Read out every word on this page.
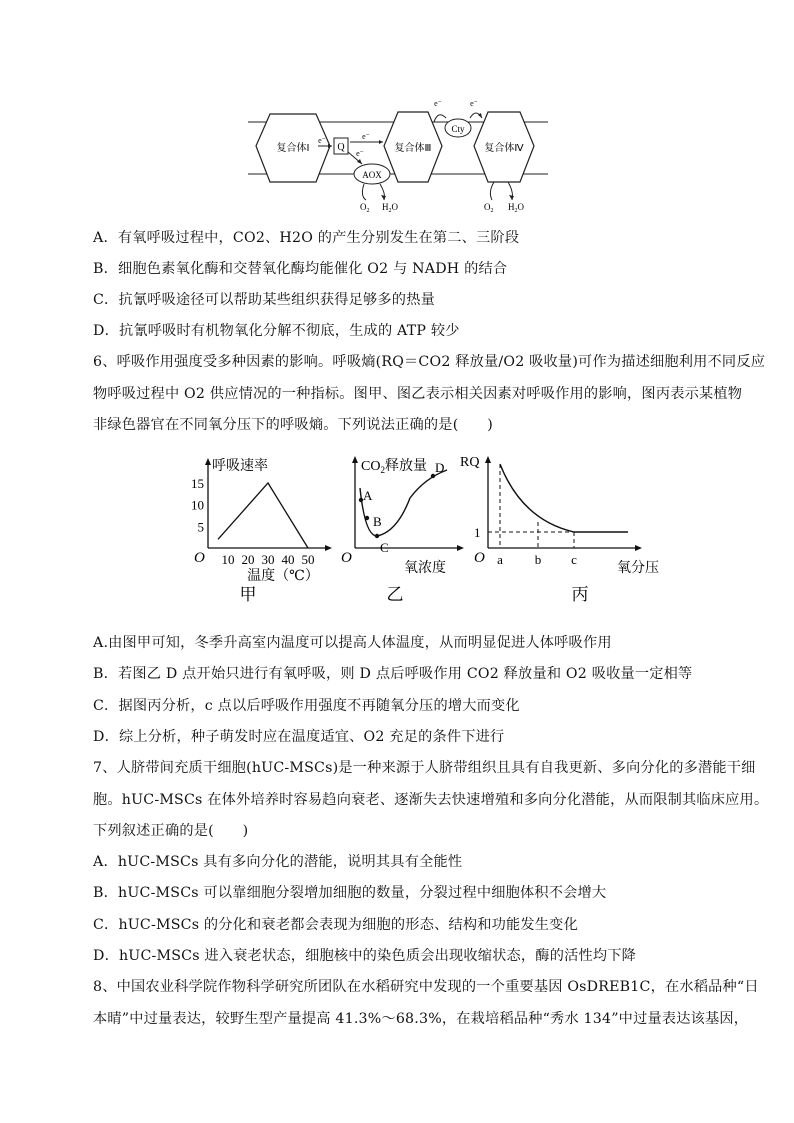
复合体Ⅰ	Q	复合体Ⅲ
Cty
复合体Ⅳ
AOX
e⁻	e⁻
e⁻
e⁻	e⁻
$O_2$ $H_2O$	$O_2$ $H_2O$
A．有氧呼吸过程中，CO2、H2O 的产生分别发生在第二、三阶段
B．细胞色素氧化酶和交替氧化酶均能催化 O2 与 NADH 的结合
C．抗氰呼吸途径可以帮助某些组织获得足够多的热量
D．抗氰呼吸时有机物氧化分解不彻底，生成的 ATP 较少
6、呼吸作用强度受多种因素的影响。呼吸熵(RQ＝CO2 释放量/O2 吸收量)可作为描述细胞利用不同反应
物呼吸过程中 O2 供应情况的一种指标。图甲、图乙表示相关因素对呼吸作用的影响，图丙表示某植物
非绿色器官在不同氧分压下的呼吸熵。下列说法正确的是(　　)
O
呼吸速率
10 20 30 40 50
5
10
15
温度（℃）
甲
O
$CO_2$释放量
氧浓度
乙
A
B
C
D
O
RQ
氧分压
丙
1
a b c
A.由图甲可知，冬季升高室内温度可以提高人体温度，从而明显促进人体呼吸作用
B．若图乙 D 点开始只进行有氧呼吸，则 D 点后呼吸作用 CO2 释放量和 O2 吸收量一定相等
C．据图丙分析，c 点以后呼吸作用强度不再随氧分压的增大而变化
D．综上分析，种子萌发时应在温度适宜、O2 充足的条件下进行
7、人脐带间充质干细胞(hUC-MSCs)是一种来源于人脐带组织且具有自我更新、多向分化的多潜能干细
胞。hUC-MSCs 在体外培养时容易趋向衰老、逐渐失去快速增殖和多向分化潜能，从而限制其临床应用。
下列叙述正确的是(　　)
A．hUC-MSCs 具有多向分化的潜能，说明其具有全能性
B．hUC-MSCs 可以靠细胞分裂增加细胞的数量，分裂过程中细胞体积不会增大
C．hUC-MSCs 的分化和衰老都会表现为细胞的形态、结构和功能发生变化
D．hUC-MSCs 进入衰老状态，细胞核中的染色质会出现收缩状态，酶的活性均下降
8、中国农业科学院作物科学研究所团队在水稻研究中发现的一个重要基因 OsDREB1C，在水稻品种“日
本晴”中过量表达，较野生型产量提高 41.3%～68.3%，在栽培稻品种“秀水 134”中过量表达该基因，
